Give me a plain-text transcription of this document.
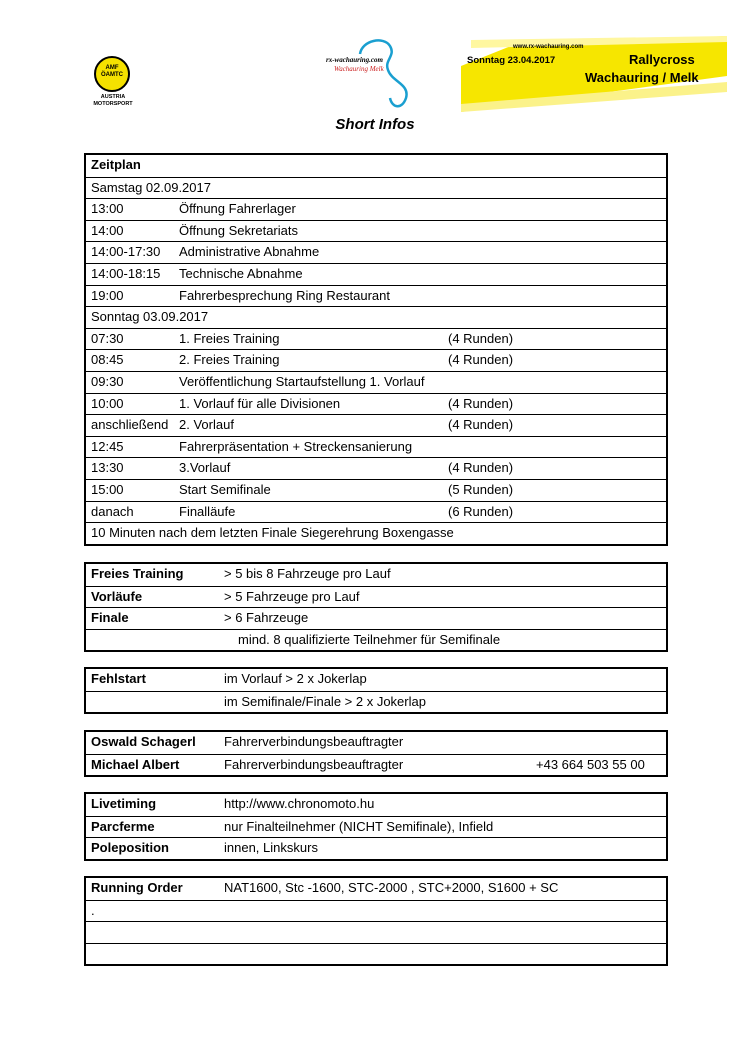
AMF ÖAMTC
AUSTRIA
MOTORSPORT
rx-wachauring.com
Wachauring Melk
www.rx-wachauring.com
Sonntag 23.04.2017	Rallycross
Wachauring / Melk
Short Infos
Zeitplan
Samstag 02.09.2017
13:00	Öffnung Fahrerlager
14:00	Öffnung Sekretariats
14:00-17:30 Administrative Abnahme
14:00-18:15 Technische Abnahme
19:00	Fahrerbesprechung Ring Restaurant
Sonntag 03.09.2017
07:30	1. Freies Training	(4 Runden)
08:45	2. Freies Training	(4 Runden)
09:30	Veröffentlichung Startaufstellung 1. Vorlauf
10:00	1. Vorlauf für alle Divisionen	(4 Runden)
anschließend 2. Vorlauf	(4 Runden)
12:45	Fahrerpräsentation + Streckensanierung
13:30	3.Vorlauf	(4 Runden)
15:00	Start Semifinale	(5 Runden)
danach	Finalläufe	(6 Runden)
10 Minuten nach dem letzten Finale Siegerehrung Boxengasse
Freies Training	> 5 bis 8 Fahrzeuge pro Lauf
Vorläufe	> 5 Fahrzeuge pro Lauf
Finale	> 6 Fahrzeuge
mind. 8 qualifizierte Teilnehmer für Semifinale
Fehlstart	im Vorlauf > 2 x Jokerlap
im Semifinale/Finale > 2 x Jokerlap
Oswald Schagerl Fahrerverbindungsbeauftragter
Michael Albert	Fahrerverbindungsbeauftragter	+43 664 503 55 00
Livetiming	http://www.chronomoto.hu
Parcferme	nur Finalteilnehmer (NICHT Semifinale), Infield
Poleposition	innen, Linkskurs
Running Order	NAT1600, Stc -1600, STC-2000 , STC+2000, S1600 + SC
.
